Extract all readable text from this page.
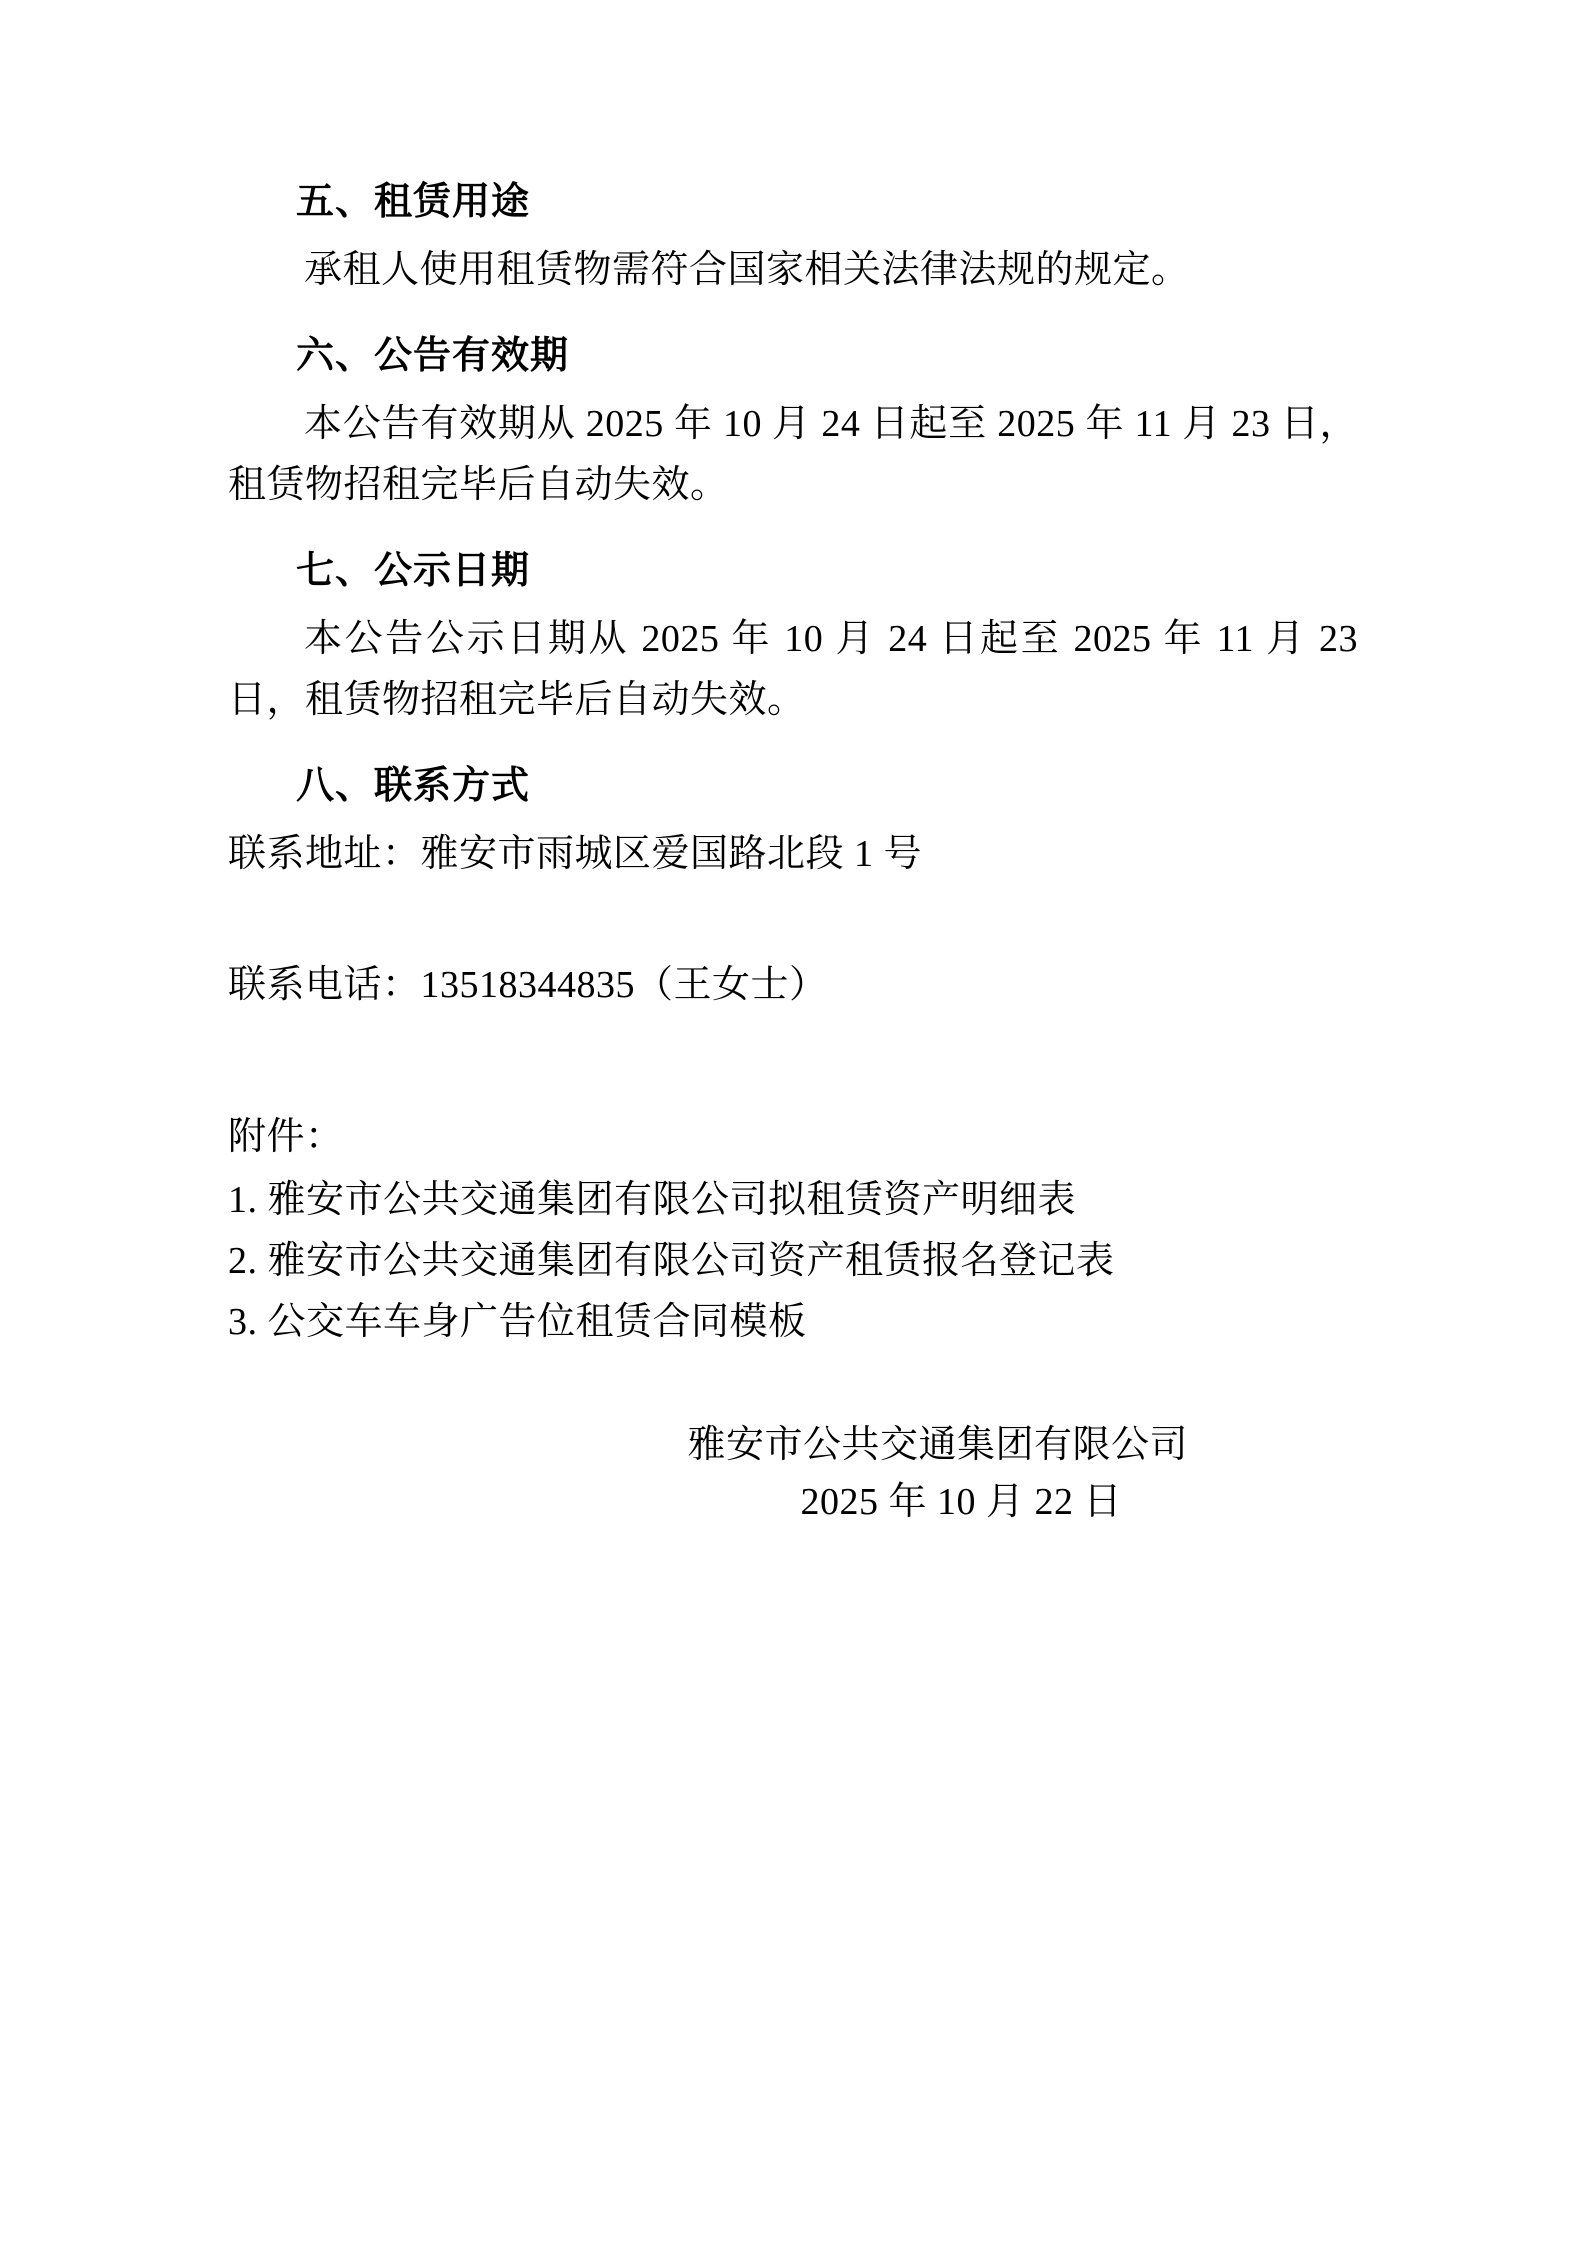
五、租赁用途

承租人使用租赁物需符合国家相关法律法规的规定。

六、公告有效期

本公告有效期从 2025 年 10 月 24 日起至 2025 年 11 月 23 日，租赁物招租完毕后自动失效。

七、公示日期

本公告公示日期从 2025 年 10 月 24 日起至 2025 年 11 月 23 日，租赁物招租完毕后自动失效。

八、联系方式

联系地址：雅安市雨城区爱国路北段 1 号

联系电话：13518344835（王女士）

附件：

1. 雅安市公共交通集团有限公司拟租赁资产明细表

2. 雅安市公共交通集团有限公司资产租赁报名登记表

3. 公交车车身广告位租赁合同模板

雅安市公共交通集团有限公司
2025 年 10 月 22 日
